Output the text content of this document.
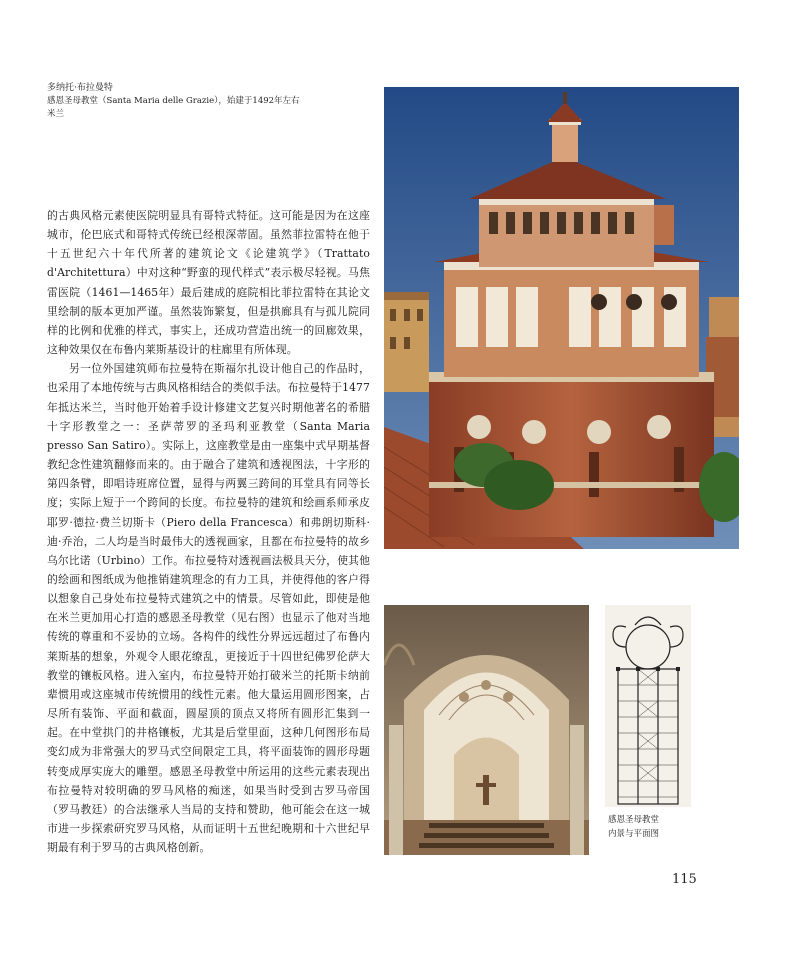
多纳托·布拉曼特
感恩圣母教堂（Santa Maria delle Grazie），始建于1492年左右
米兰

的古典风格元素使医院明显具有哥特式特征。这可能是因为在这座城市，伦巴底式和哥特式传统已经根深蒂固。虽然菲拉雷特在他于十五世纪六十年代所著的建筑论文《论建筑学》（Trattato d'Architettura）中对这种“野蛮的现代样式”表示极尽轻视。马焦雷医院（1461—1465年）最后建成的庭院相比菲拉雷特在其论文里绘制的版本更加严谨。虽然装饰繁复，但是拱廊具有与孤儿院同样的比例和优雅的样式，事实上，还成功营造出统一的回廊效果，这种效果仅在布鲁内莱斯基设计的柱廊里有所体现。

另一位外国建筑师布拉曼特在斯福尔扎设计他自己的作品时，也采用了本地传统与古典风格相结合的类似手法。布拉曼特于1477年抵达米兰，当时他开始着手设计修建文艺复兴时期他著名的希腊十字形教堂之一：圣萨蒂罗的圣玛利亚教堂（Santa Maria presso San Satiro）。实际上，这座教堂是由一座集中式早期基督教纪念性建筑翻修而来的。由于融合了建筑和透视图法，十字形的第四条臂，即唱诗班席位置，显得与两翼三跨间的耳堂具有同等长度；实际上短于一个跨间的长度。布拉曼特的建筑和绘画系师承皮耶罗·德拉·费兰切斯卡（Piero della Francesca）和弗朗切斯科·迪·乔治，二人均是当时最伟大的透视画家，且都在布拉曼特的故乡乌尔比诺（Urbino）工作。布拉曼特对透视画法极具天分，使其他的绘画和图纸成为他推销建筑理念的有力工具，并使得他的客户得以想象自己身处布拉曼特式建筑之中的情景。尽管如此，即使是他在米兰更加用心打造的感恩圣母教堂（见右图）也显示了他对当地传统的尊重和不妥协的立场。各构件的线性分界远远超过了布鲁内莱斯基的想象，外观令人眼花缭乱，更接近于十四世纪佛罗伦萨大教堂的镶板风格。进入室内，布拉曼特开始打破米兰的托斯卡纳前辈惯用或这座城市传统惯用的线性元素。他大量运用圆形图案，占尽所有装饰、平面和截面，圆屋顶的顶点又将所有圆形汇集到一起。在中堂拱门的井格镶板，尤其是后堂里面，这种几何图形布局变幻成为非常强大的罗马式空间限定工具，将平面装饰的圆形母题转变成厚实庞大的雕塑。感恩圣母教堂中所运用的这些元素表现出布拉曼特对较明确的罗马风格的痴迷，如果当时受到古罗马帝国（罗马教廷）的合法继承人当局的支持和赞助，他可能会在这一城市进一步探索研究罗马风格，从而证明十五世纪晚期和十六世纪早期最有利于罗马的古典风格创新。

感恩圣母教堂
内景与平面图
115
